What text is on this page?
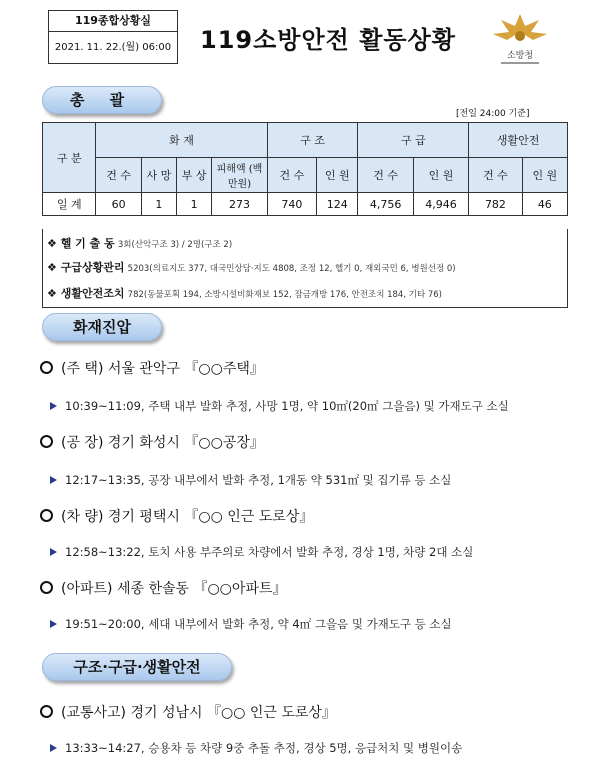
119종합상황실
2021. 11. 22.(월) 06:00 119소방안전 활동상황
소방청
총 괄
[전일 24:00 기준]
구 분	화 재				구 조		구 급		생활안전	
	건 수	사 망	부 상	피해액 (백만원)	건 수	인 원	건 수	인 원	건 수	인 원
일 계	60	1	1	273	740	124	4,756	4,946	782	46
❖ 헬 기 출 동 3회(산악구조 3) / 2명(구조 2)
❖ 구급상황관리 5203(의료지도 377, 대국민상담·지도 4808, 조정 12, 헬기 0, 재외국민 6, 병원선정 0)
❖ 생활안전조치 782(동물포획 194, 소방시설비화재보 152, 잠금개방 176, 안전조치 184, 기타 76)
화재진압
(주 택) 서울 관악구 『○○주택』
10:39~11:09, 주택 내부 발화 추정, 사망 1명, 약 10㎡(20㎡ 그을음) 및 가재도구 소실
(공 장) 경기 화성시 『○○공장』
12:17~13:35, 공장 내부에서 발화 추정, 1개동 약 531㎡ 및 집기류 등 소실
(차 량) 경기 평택시 『○○ 인근 도로상』
12:58~13:22, 토치 사용 부주의로 차량에서 발화 추정, 경상 1명, 차량 2대 소실
(아파트) 세종 한솔동 『○○아파트』
19:51~20:00, 세대 내부에서 발화 추정, 약 4㎡ 그을음 및 가재도구 등 소실
구조·구급·생활안전
(교통사고) 경기 성남시 『○○ 인근 도로상』
13:33~14:27, 승용차 등 차량 9중 추돌 추정, 경상 5명, 응급처치 및 병원이송
